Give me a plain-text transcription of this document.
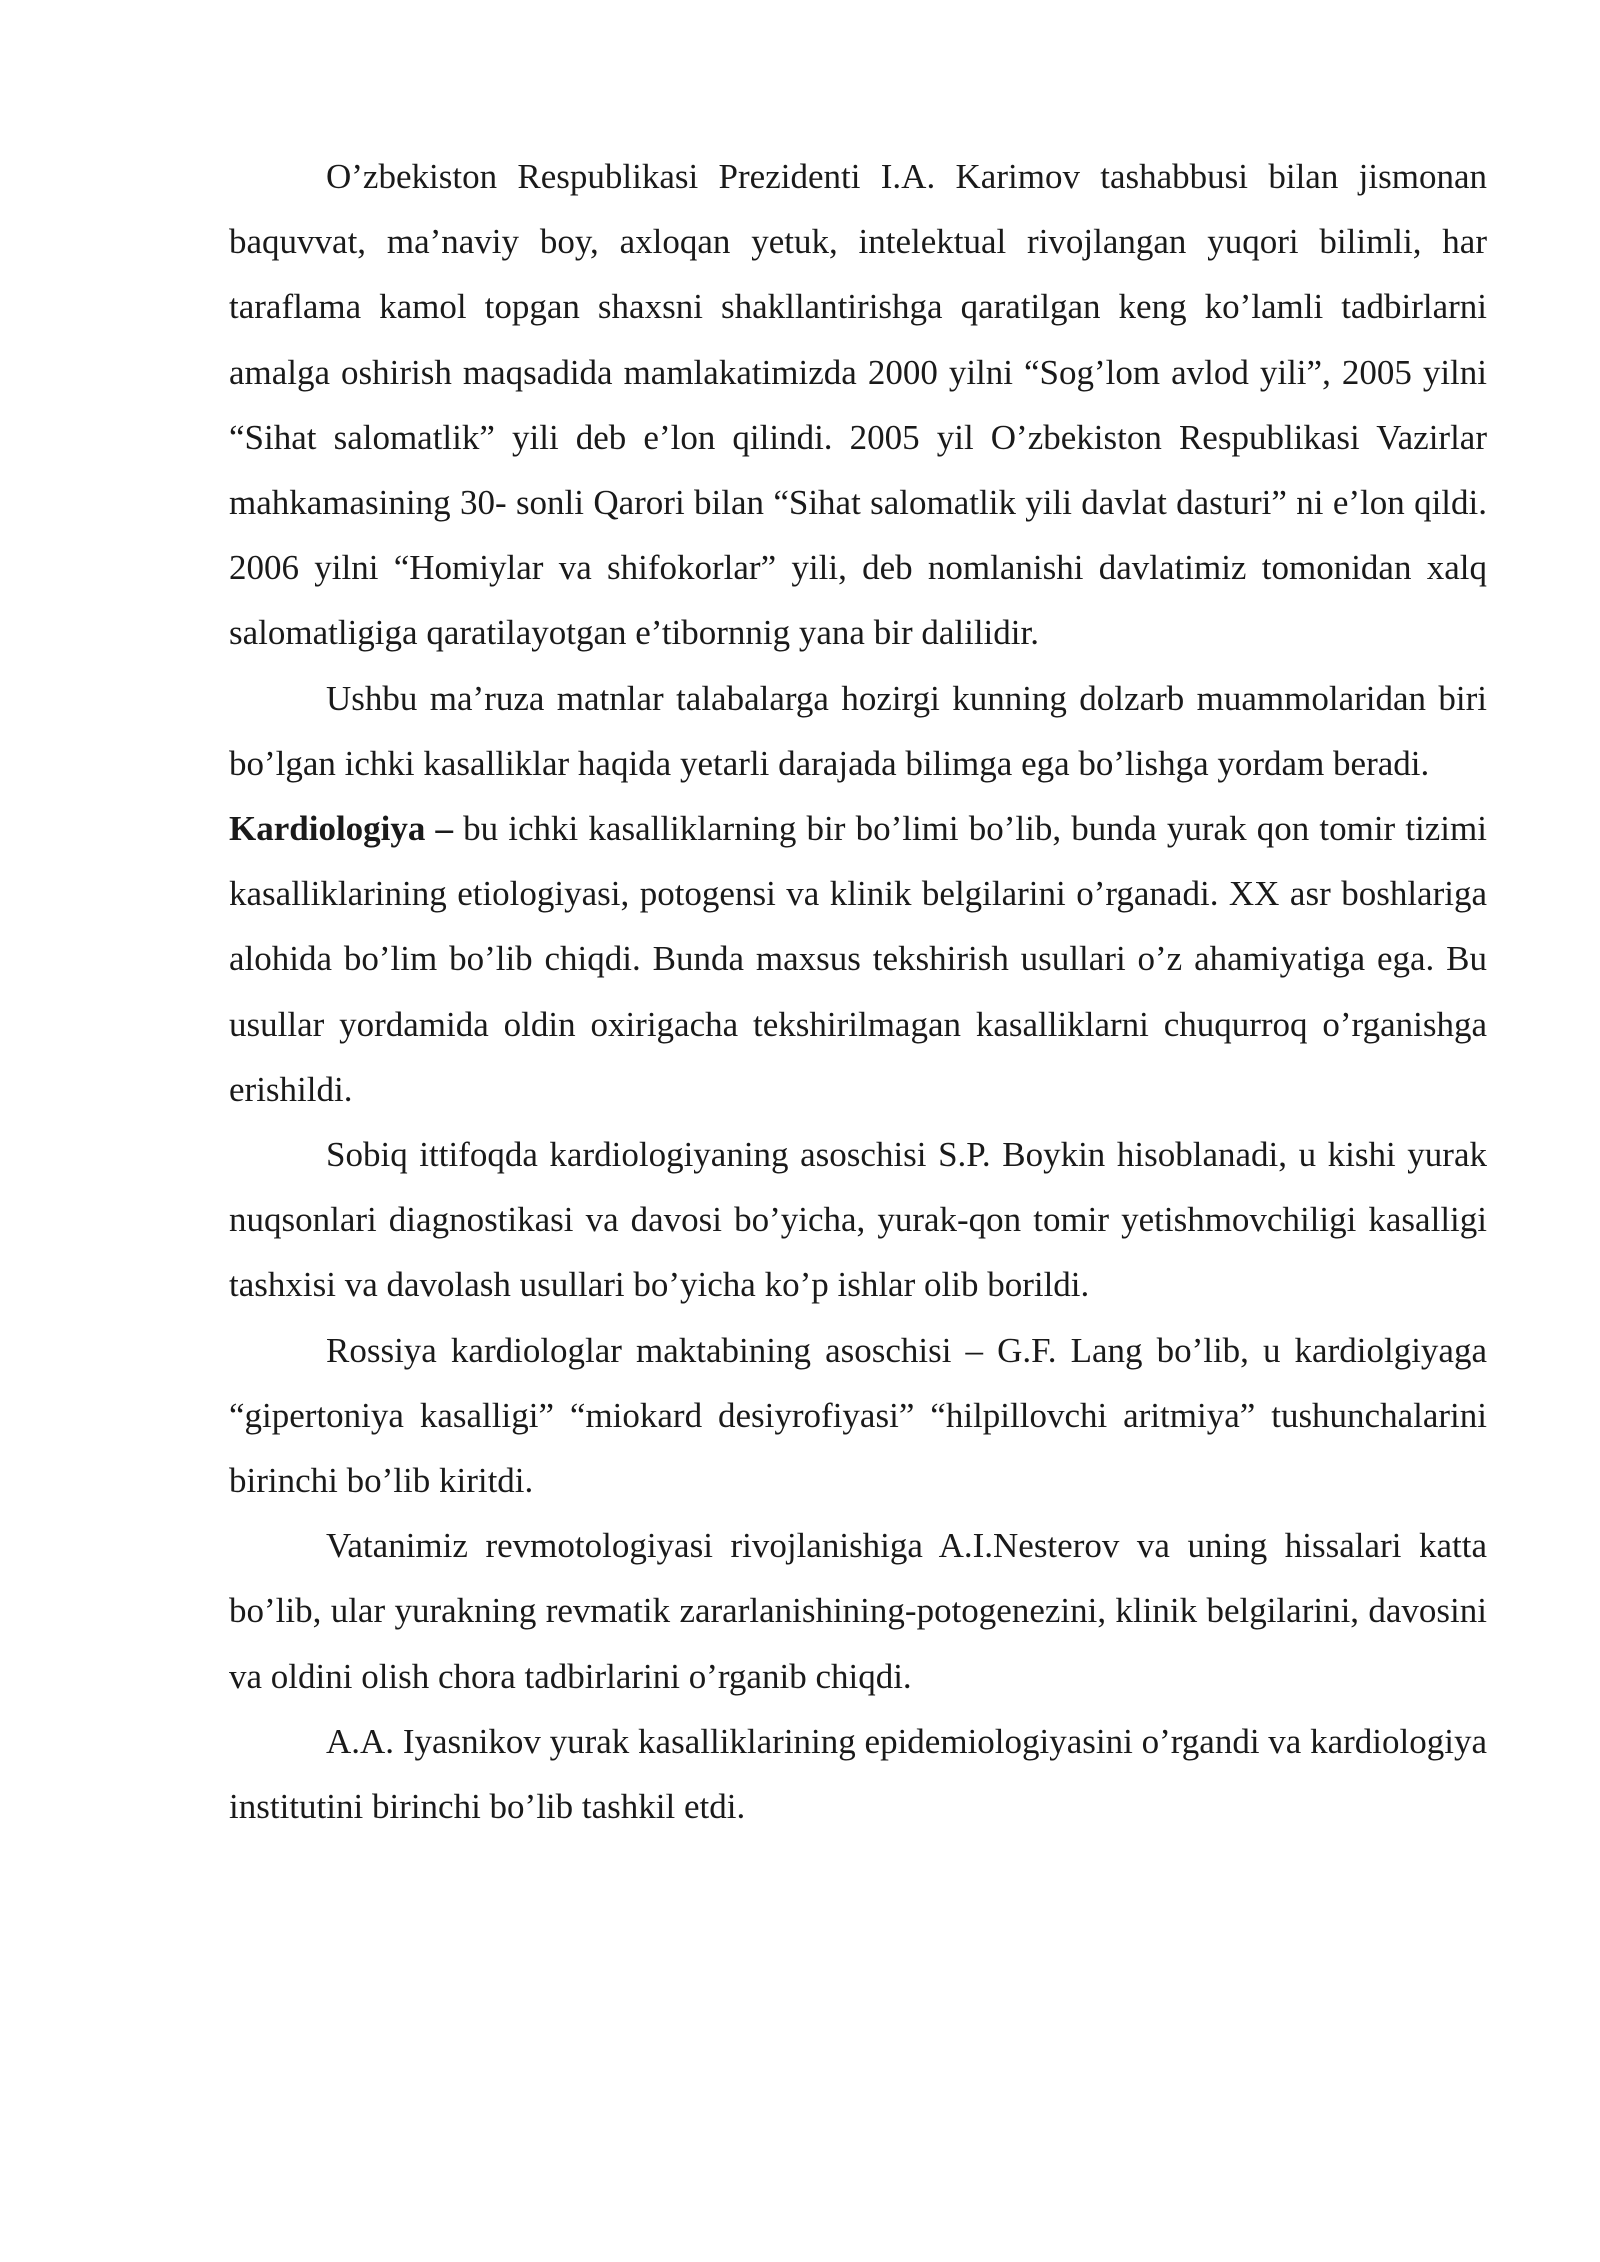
O’zbekiston Respublikasi Prezidenti I.A. Karimov tashabbusi bilan jismonan baquvvat, ma’naviy boy, axloqan yetuk, intelektual rivojlangan yuqori bilimli, har taraflama kamol topgan shaxsni shakllantirishga qaratilgan keng ko’lamli tadbirlarni amalga oshirish maqsadida mamlakatimizda 2000 yilni “Sog’lom avlod yili”, 2005 yilni “Sihat salomatlik” yili deb e’lon qilindi. 2005 yil O’zbekiston Respublikasi Vazirlar mahkamasining 30- sonli Qarori bilan “Sihat salomatlik yili davlat dasturi” ni e’lon qildi. 2006 yilni “Homiylar va shifokorlar” yili, deb nomlanishi davlatimiz tomonidan xalq salomatligiga qaratilayotgan e’tibornnig yana bir dalilidir.

Ushbu ma’ruza matnlar talabalarga hozirgi kunning dolzarb muammolaridan biri bo’lgan ichki kasalliklar haqida yetarli darajada bilimga ega bo’lishga yordam beradi.

Kardiologiya – bu ichki kasalliklarning bir bo’limi bo’lib, bunda yurak qon tomir tizimi kasalliklarining etiologiyasi, potogensi va klinik belgilarini o’rganadi. XX asr boshlariga alohida bo’lim bo’lib chiqdi. Bunda maxsus tekshirish usullari o’z ahamiyatiga ega. Bu usullar yordamida oldin oxirigacha tekshirilmagan kasalliklarni chuqurroq o’rganishga erishildi.

Sobiq ittifoqda kardiologiyaning asoschisi S.P. Boykin hisoblanadi, u kishi yurak nuqsonlari diagnostikasi va davosi bo’yicha, yurak-qon tomir yetishmovchiligi kasalligi tashxisi va davolash usullari bo’yicha ko’p ishlar olib borildi.

Rossiya kardiologlar maktabining asoschisi – G.F. Lang bo’lib, u kardiolgiyaga “gipertoniya kasalligi” “miokard desiyrofiyasi” “hilpillovchi aritmiya” tushunchalarini birinchi bo’lib kiritdi.

Vatanimiz revmotologiyasi rivojlanishiga A.I.Nesterov va uning hissalari katta bo’lib, ular yurakning revmatik zararlanishining-potogenezini, klinik belgilarini, davosini va oldini olish chora tadbirlarini o’rganib chiqdi.

A.A. Iyasnikov yurak kasalliklarining epidemiologiyasini o’rgandi va kardiologiya institutini birinchi bo’lib tashkil etdi.
